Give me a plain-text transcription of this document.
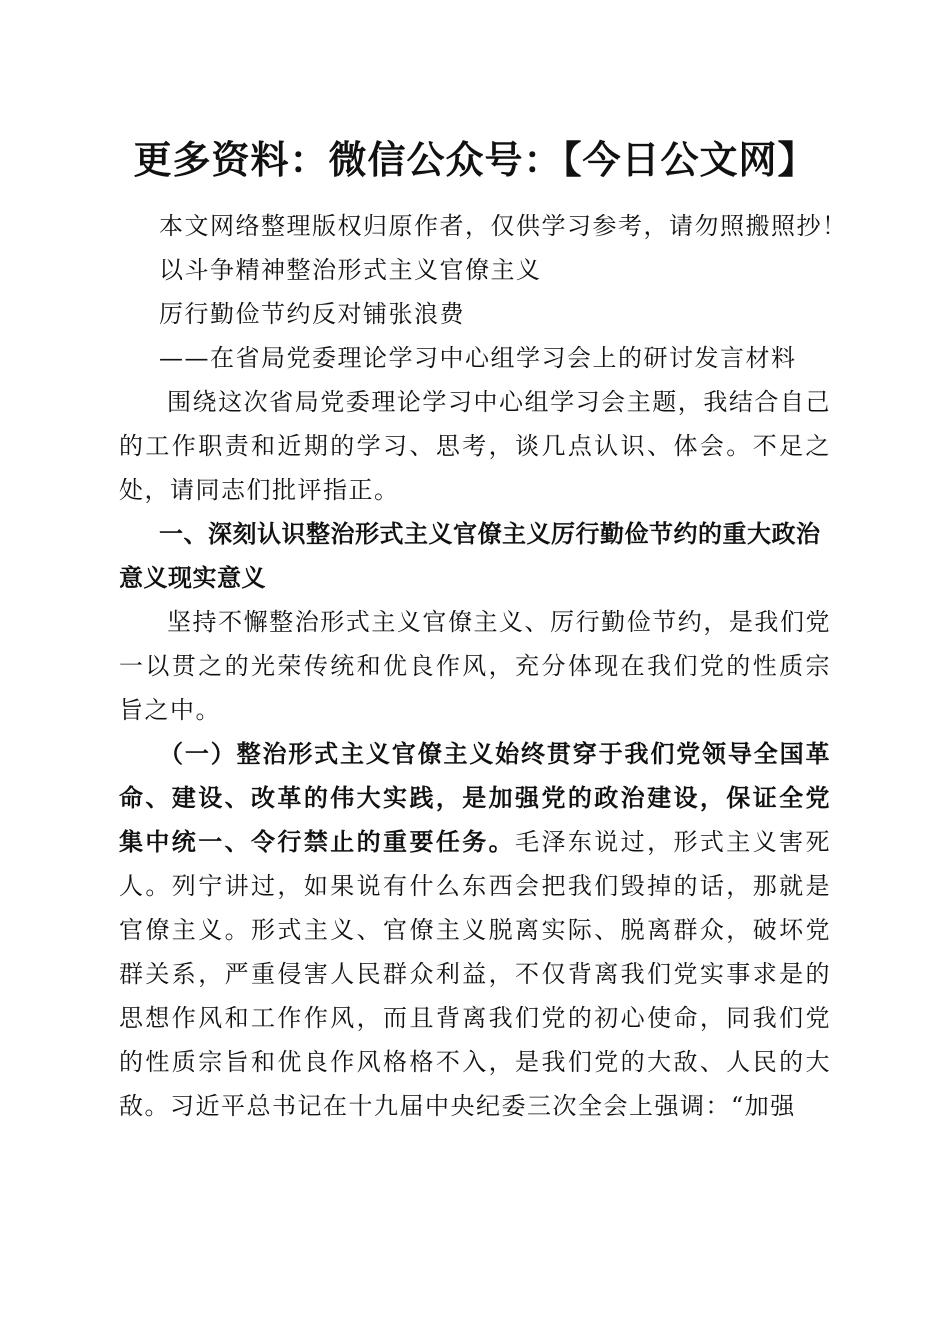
更多资料：微信公众号：【今日公文网】
本文网络整理版权归原作者，仅供学习参考，请勿照搬照抄！
以斗争精神整治形式主义官僚主义
厉行勤俭节约反对铺张浪费
——在省局党委理论学习中心组学习会上的研讨发言材料
围绕这次省局党委理论学习中心组学习会主题，我结合自己的工作职责和近期的学习、思考，谈几点认识、体会。不足之处，请同志们批评指正。
一、深刻认识整治形式主义官僚主义厉行勤俭节约的重大政治意义现实意义
坚持不懈整治形式主义官僚主义、厉行勤俭节约，是我们党一以贯之的光荣传统和优良作风，充分体现在我们党的性质宗旨之中。
（一）整治形式主义官僚主义始终贯穿于我们党领导全国革命、建设、改革的伟大实践，是加强党的政治建设，保证全党集中统一、令行禁止的重要任务。毛泽东说过，形式主义害死人。列宁讲过，如果说有什么东西会把我们毁掉的话，那就是官僚主义。形式主义、官僚主义脱离实际、脱离群众，破坏党群关系，严重侵害人民群众利益，不仅背离我们党实事求是的思想作风和工作作风，而且背离我们党的初心使命，同我们党的性质宗旨和优良作风格格不入，是我们党的大敌、人民的大敌。习近平总书记在十九届中央纪委三次全会上强调：“加强
